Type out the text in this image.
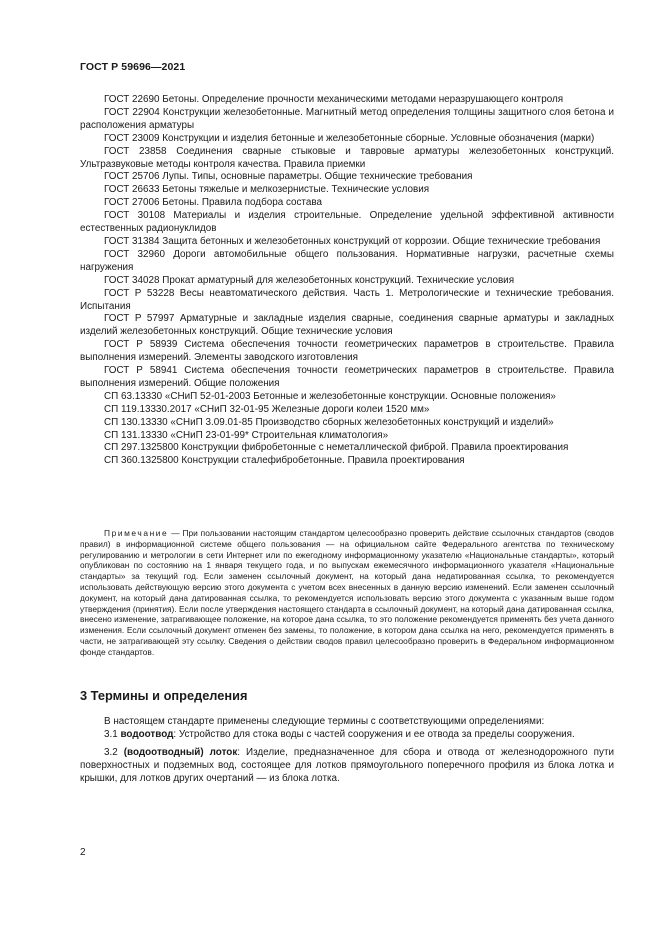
ГОСТ Р 59696—2021

ГОСТ 22690 Бетоны. Определение прочности механическими методами неразрушающего контроля

ГОСТ 22904 Конструкции железобетонные. Магнитный метод определения толщины защитного слоя бетона и расположения арматуры

ГОСТ 23009 Конструкции и изделия бетонные и железобетонные сборные. Условные обозначения (марки)

ГОСТ 23858 Соединения сварные стыковые и тавровые арматуры железобетонных конструкций. Ультразвуковые методы контроля качества. Правила приемки

ГОСТ 25706 Лупы. Типы, основные параметры. Общие технические требования

ГОСТ 26633 Бетоны тяжелые и мелкозернистые. Технические условия

ГОСТ 27006 Бетоны. Правила подбора состава

ГОСТ 30108 Материалы и изделия строительные. Определение удельной эффективной активности естественных радионуклидов

ГОСТ 31384 Защита бетонных и железобетонных конструкций от коррозии. Общие технические требования

ГОСТ 32960 Дороги автомобильные общего пользования. Нормативные нагрузки, расчетные схемы нагружения

ГОСТ 34028 Прокат арматурный для железобетонных конструкций. Технические условия

ГОСТ Р 53228 Весы неавтоматического действия. Часть 1. Метрологические и технические требования. Испытания

ГОСТ Р 57997 Арматурные и закладные изделия сварные, соединения сварные арматуры и закладных изделий железобетонных конструкций. Общие технические условия

ГОСТ Р 58939 Система обеспечения точности геометрических параметров в строительстве. Правила выполнения измерений. Элементы заводского изготовления

ГОСТ Р 58941 Система обеспечения точности геометрических параметров в строительстве. Правила выполнения измерений. Общие положения

СП 63.13330 «СНиП 52-01-2003 Бетонные и железобетонные конструкции. Основные положения»

СП 119.13330.2017 «СНиП 32-01-95 Железные дороги колеи 1520 мм»

СП 130.13330 «СНиП 3.09.01-85 Производство сборных железобетонных конструкций и изделий»

СП 131.13330 «СНиП 23-01-99* Строительная климатология»

СП 297.1325800 Конструкции фибробетонные с неметаллической фиброй. Правила проектирования

СП 360.1325800 Конструкции сталефибробетонные. Правила проектирования

Примечание — При пользовании настоящим стандартом целесообразно проверить действие ссылочных стандартов (сводов правил) в информационной системе общего пользования — на официальном сайте Федерального агентства по техническому регулированию и метрологии в сети Интернет или по ежегодному информационному указателю «Национальные стандарты», который опубликован по состоянию на 1 января текущего года, и по выпускам ежемесячного информационного указателя «Национальные стандарты» за текущий год. Если заменен ссылочный документ, на который дана недатированная ссылка, то рекомендуется использовать действующую версию этого документа с учетом всех внесенных в данную версию изменений. Если заменен ссылочный документ, на который дана датированная ссылка, то рекомендуется использовать версию этого документа с указанным выше годом утверждения (принятия). Если после утверждения настоящего стандарта в ссылочный документ, на который дана датированная ссылка, внесено изменение, затрагивающее положение, на которое дана ссылка, то это положение рекомендуется применять без учета данного изменения. Если ссылочный документ отменен без замены, то положение, в котором дана ссылка на него, рекомендуется применять в части, не затрагивающей эту ссылку. Сведения о действии сводов правил целесообразно проверить в Федеральном информационном фонде стандартов.

3 Термины и определения

В настоящем стандарте применены следующие термины с соответствующими определениями:

3.1 водоотвод: Устройство для стока воды с частей сооружения и ее отвода за пределы сооружения.

3.2 (водоотводный) лоток: Изделие, предназначенное для сбора и отвода от железнодорожного пути поверхностных и подземных вод, состоящее для лотков прямоугольного поперечного профиля из блока лотка и крышки, для лотков других очертаний — из блока лотка.

2
